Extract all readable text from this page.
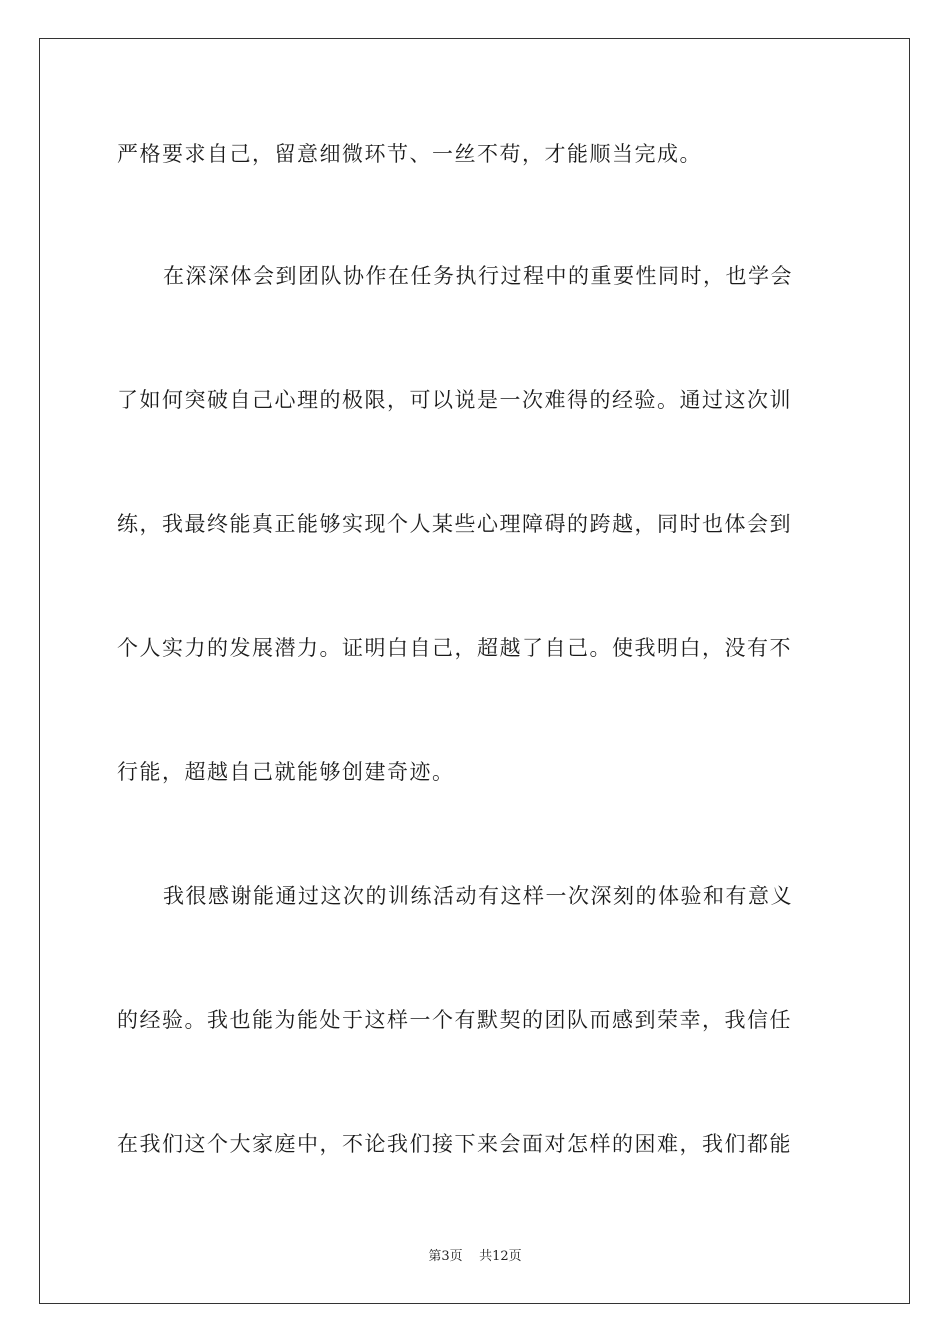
严格要求自己，留意细微环节、一丝不苟，才能顺当完成。
在深深体会到团队协作在任务执行过程中的重要性同时，也学会
了如何突破自己心理的极限，可以说是一次难得的经验。通过这次训
练，我最终能真正能够实现个人某些心理障碍的跨越，同时也体会到
个人实力的发展潜力。证明白自己，超越了自己。使我明白，没有不
行能，超越自己就能够创建奇迹。
我很感谢能通过这次的训练活动有这样一次深刻的体验和有意义
的经验。我也能为能处于这样一个有默契的团队而感到荣幸，我信任
在我们这个大家庭中，不论我们接下来会面对怎样的困难，我们都能
第3页 共12页
